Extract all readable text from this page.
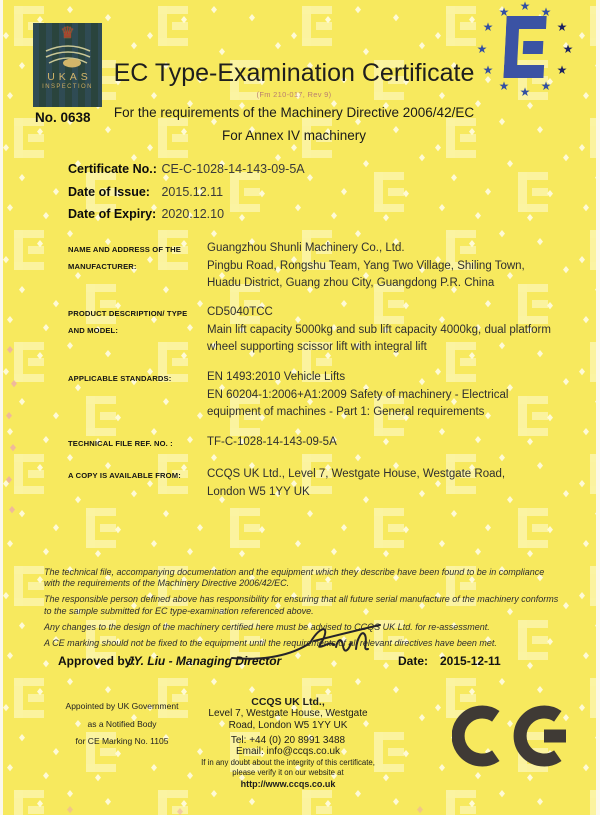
♛
UKAS
INSPECTION
No. 0638
EC Type-Examination Certificate
(Fm 210-017, Rev 9)
For the requirements of the Machinery Directive 2006/42/EC
For Annex IV machinery
★
★
★
★
★
★
★
★
★
★
★
★
Certificate No.: CE-C-1028-14-143-09-5A
Date of Issue: 2015.12.11
Date of Expiry: 2020.12.10
NAME AND ADDRESS OF THE
MANUFACTURER:
Guangzhou Shunli Machinery Co., Ltd.
Pingbu Road, Rongshu Team, Yang Two Village, Shiling Town,
Huadu District, Guang zhou City, Guangdong P.R. China
PRODUCT DESCRIPTION/ TYPE
AND MODEL:
CD5040TCC
Main lift capacity 5000kg and sub lift capacity 4000kg, dual platform
wheel supporting scissor lift with integral lift
APPLICABLE STANDARDS:	EN 1493:2010 Vehicle Lifts
EN 60204-1:2006+A1:2009 Safety of machinery - Electrical
equipment of machines - Part 1: General requirements
TECHNICAL FILE REF. NO. :	TF-C-1028-14-143-09-5A
A COPY IS AVAILABLE FROM:	CCQS UK Ltd., Level 7, Westgate House, Westgate Road,
London W5 1YY UK

The technical file, accompanying documentation and the equipment which they describe have been found to be in compliance with the requirements of the Machinery Directive 2006/42/EC.

The responsible person defined above has responsibility for ensuring that all future serial manufacture of the machinery conforms to the sample submitted for EC type-examination referenced above.

Any changes to the design of the machinery certified here must be advised to CCQS UK Ltd. for re-assessment.

A CE marking should not be fixed to the equipment until the requirements of all relevant directives have been met.

Approved by:
JY. Liu - Managing Director	Date: 2015-12-11
Appointed by UK Government
as a Notified Body
for CE Marking No. 1105
CCQS UK Ltd.,
Level 7, Westgate House, Westgate
Road, London W5 1YY UK
Tel: +44 (0) 20 8991 3488
Email: info@ccqs.co.uk
If in any doubt about the integrity of this certificate,
please verify it on our website at
http://www.ccqs.co.uk
